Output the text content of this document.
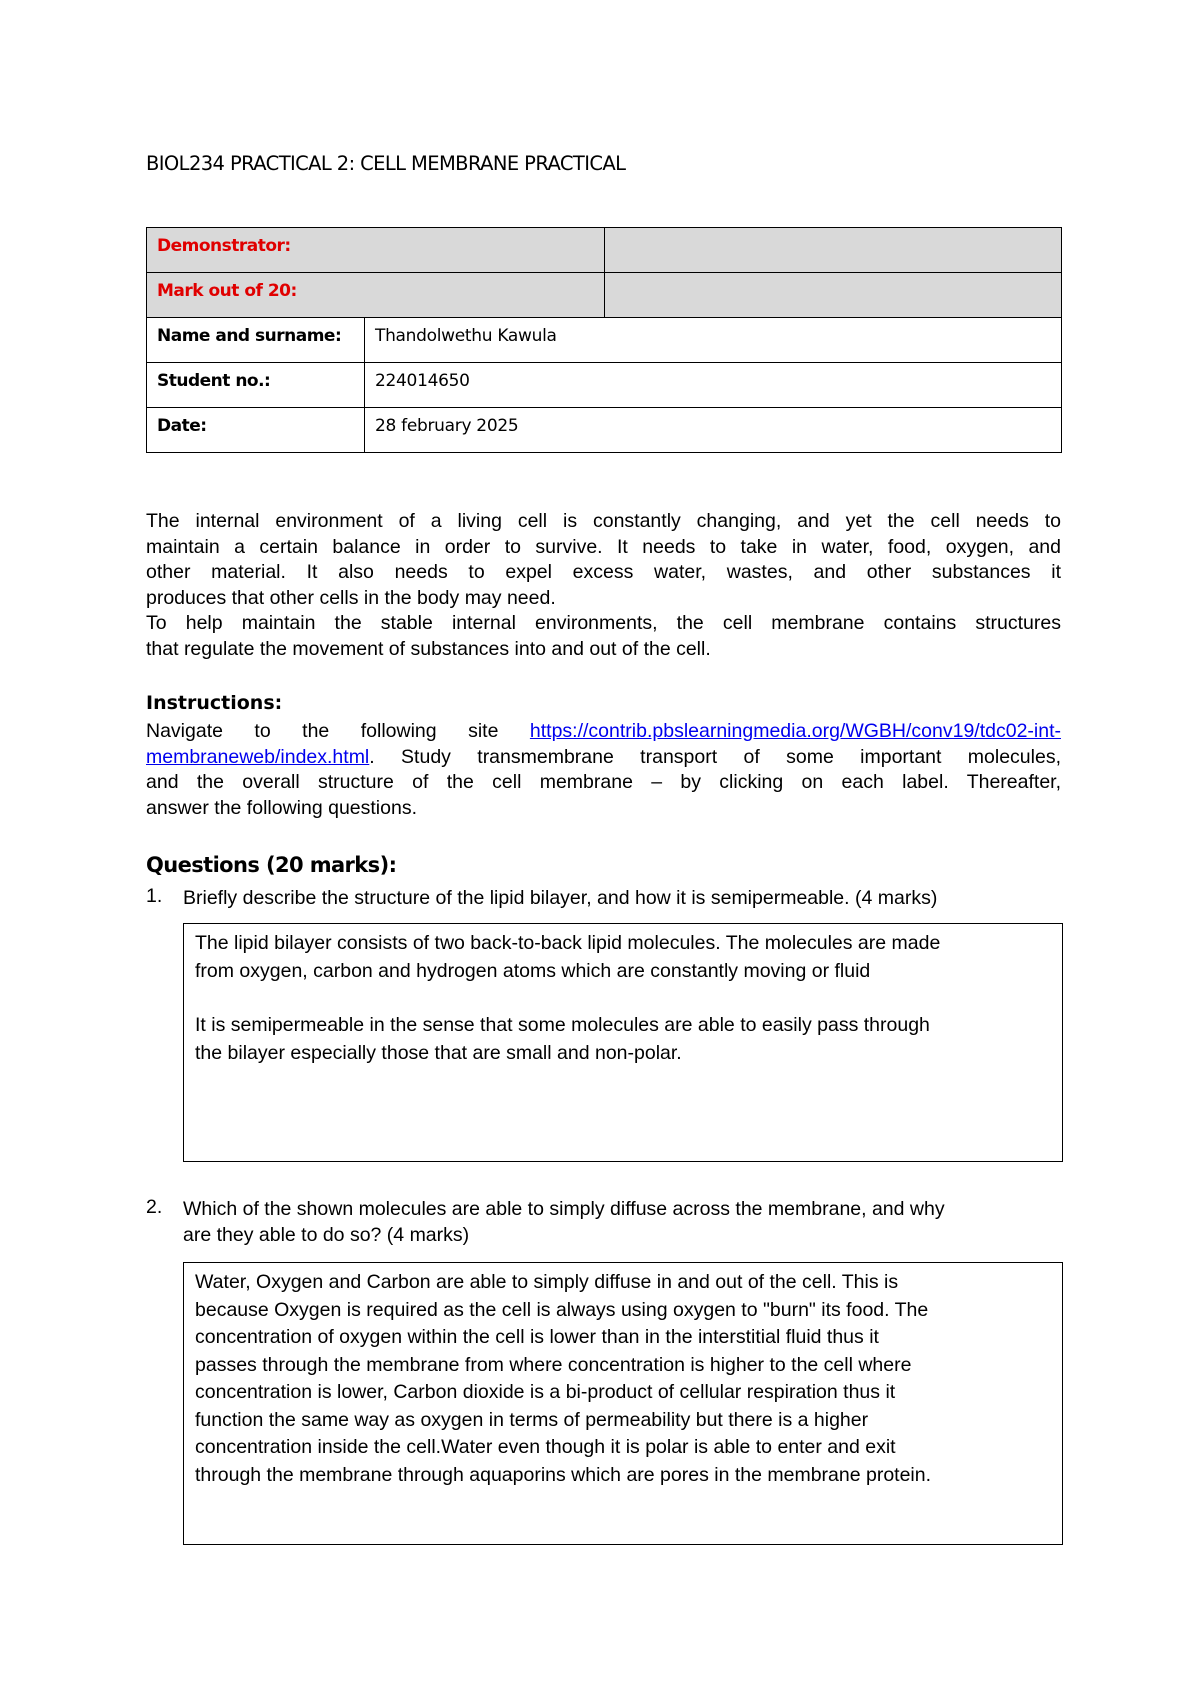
BIOL234 PRACTICAL 2: CELL MEMBRANE PRACTICAL
Demonstrator:	
Mark out of 20:	
Name and surname:	Thandolwethu Kawula
Student no.:	224014650
Date:	28 february 2025
The internal environment of a living cell is constantly changing, and yet the cell needs to
maintain a certain balance in order to survive. It needs to take in water, food, oxygen, and
other material. It also needs to expel excess water, wastes, and other substances it
produces that other cells in the body may need.
To help maintain the stable internal environments, the cell membrane contains structures
that regulate the movement of substances into and out of the cell.
Instructions:
Navigate to the following site https://contrib.pbslearningmedia.org/WGBH/conv19/tdc02-int-
membraneweb/index.html. Study transmembrane transport of some important molecules,
and the overall structure of the cell membrane – by clicking on each label. Thereafter,
answer the following questions.
Questions (20 marks):
1. Briefly describe the structure of the lipid bilayer, and how it is semipermeable. (4 marks)
The lipid bilayer consists of two back-to-back lipid molecules. The molecules are made
from oxygen, carbon and hydrogen atoms which are constantly moving or fluid
It is semipermeable in the sense that some molecules are able to easily pass through
the bilayer especially those that are small and non-polar.
2. Which of the shown molecules are able to simply diffuse across the membrane, and why
are they able to do so? (4 marks)
Water, Oxygen and Carbon are able to simply diffuse in and out of the cell. This is
because Oxygen is required as the cell is always using oxygen to "burn" its food. The
concentration of oxygen within the cell is lower than in the interstitial fluid thus it
passes through the membrane from where concentration is higher to the cell where
concentration is lower, Carbon dioxide is a bi-product of cellular respiration thus it
function the same way as oxygen in terms of permeability but there is a higher
concentration inside the cell.Water even though it is polar is able to enter and exit
through the membrane through aquaporins which are pores in the membrane protein.
